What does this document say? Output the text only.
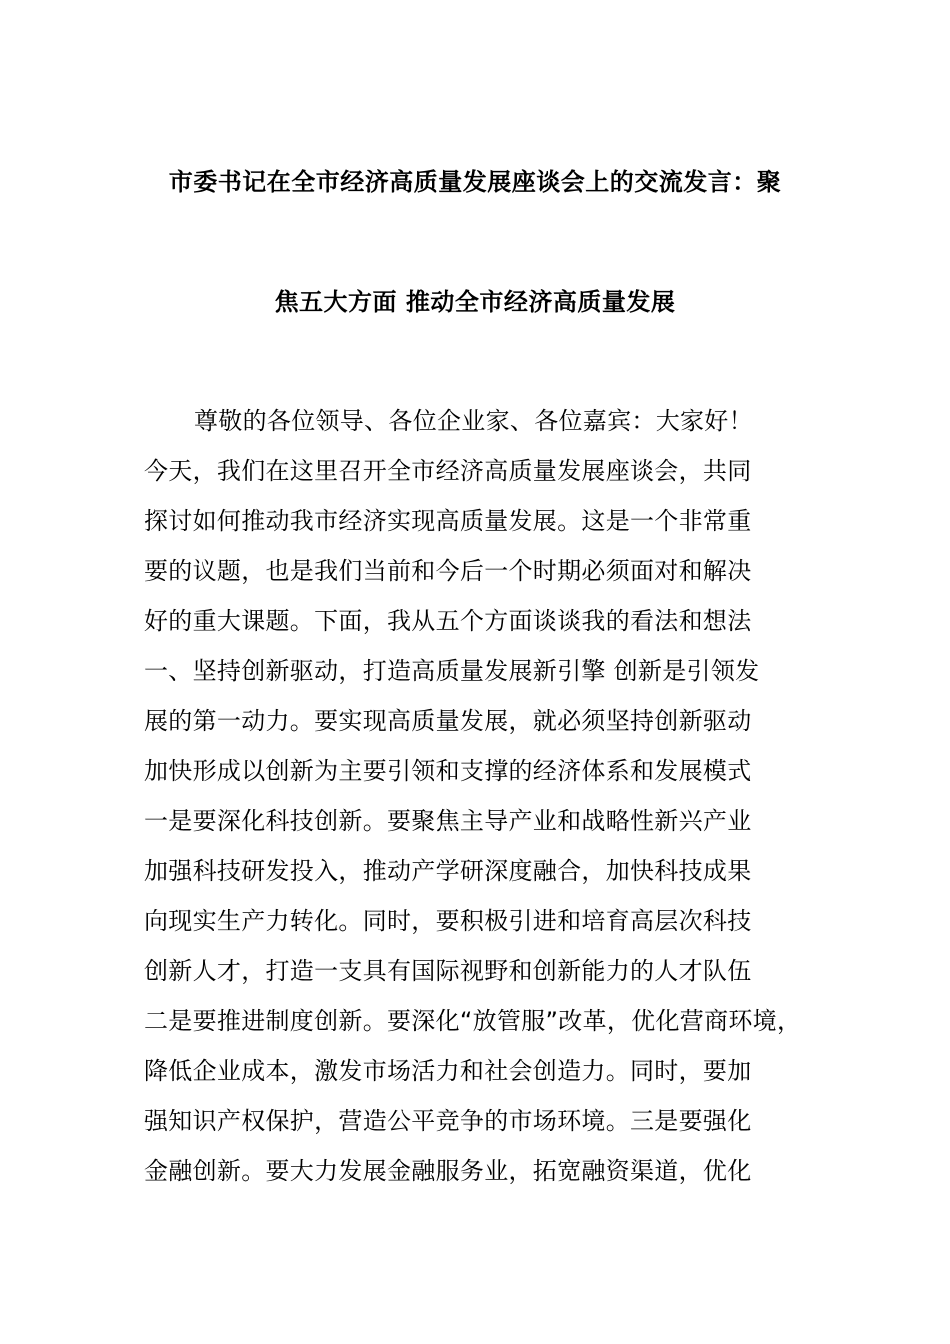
市委书记在全市经济高质量发展座谈会上的交流发言：聚
焦五大方面 推动全市经济高质量发展
尊敬的各位领导、各位企业家、各位嘉宾：大家好！
今天，我们在这里召开全市经济高质量发展座谈会，共同
探讨如何推动我市经济实现高质量发展。这是一个非常重
要的议题，也是我们当前和今后一个时期必须面对和解决
好的重大课题。下面，我从五个方面谈谈我的看法和想法
一、坚持创新驱动，打造高质量发展新引擎 创新是引领发
展的第一动力。要实现高质量发展，就必须坚持创新驱动
加快形成以创新为主要引领和支撑的经济体系和发展模式
一是要深化科技创新。要聚焦主导产业和战略性新兴产业
加强科技研发投入，推动产学研深度融合，加快科技成果
向现实生产力转化。同时，要积极引进和培育高层次科技
创新人才，打造一支具有国际视野和创新能力的人才队伍
二是要推进制度创新。要深化“放管服”改革，优化营商环境，
降低企业成本，激发市场活力和社会创造力。同时，要加
强知识产权保护，营造公平竞争的市场环境。三是要强化
金融创新。要大力发展金融服务业，拓宽融资渠道，优化
